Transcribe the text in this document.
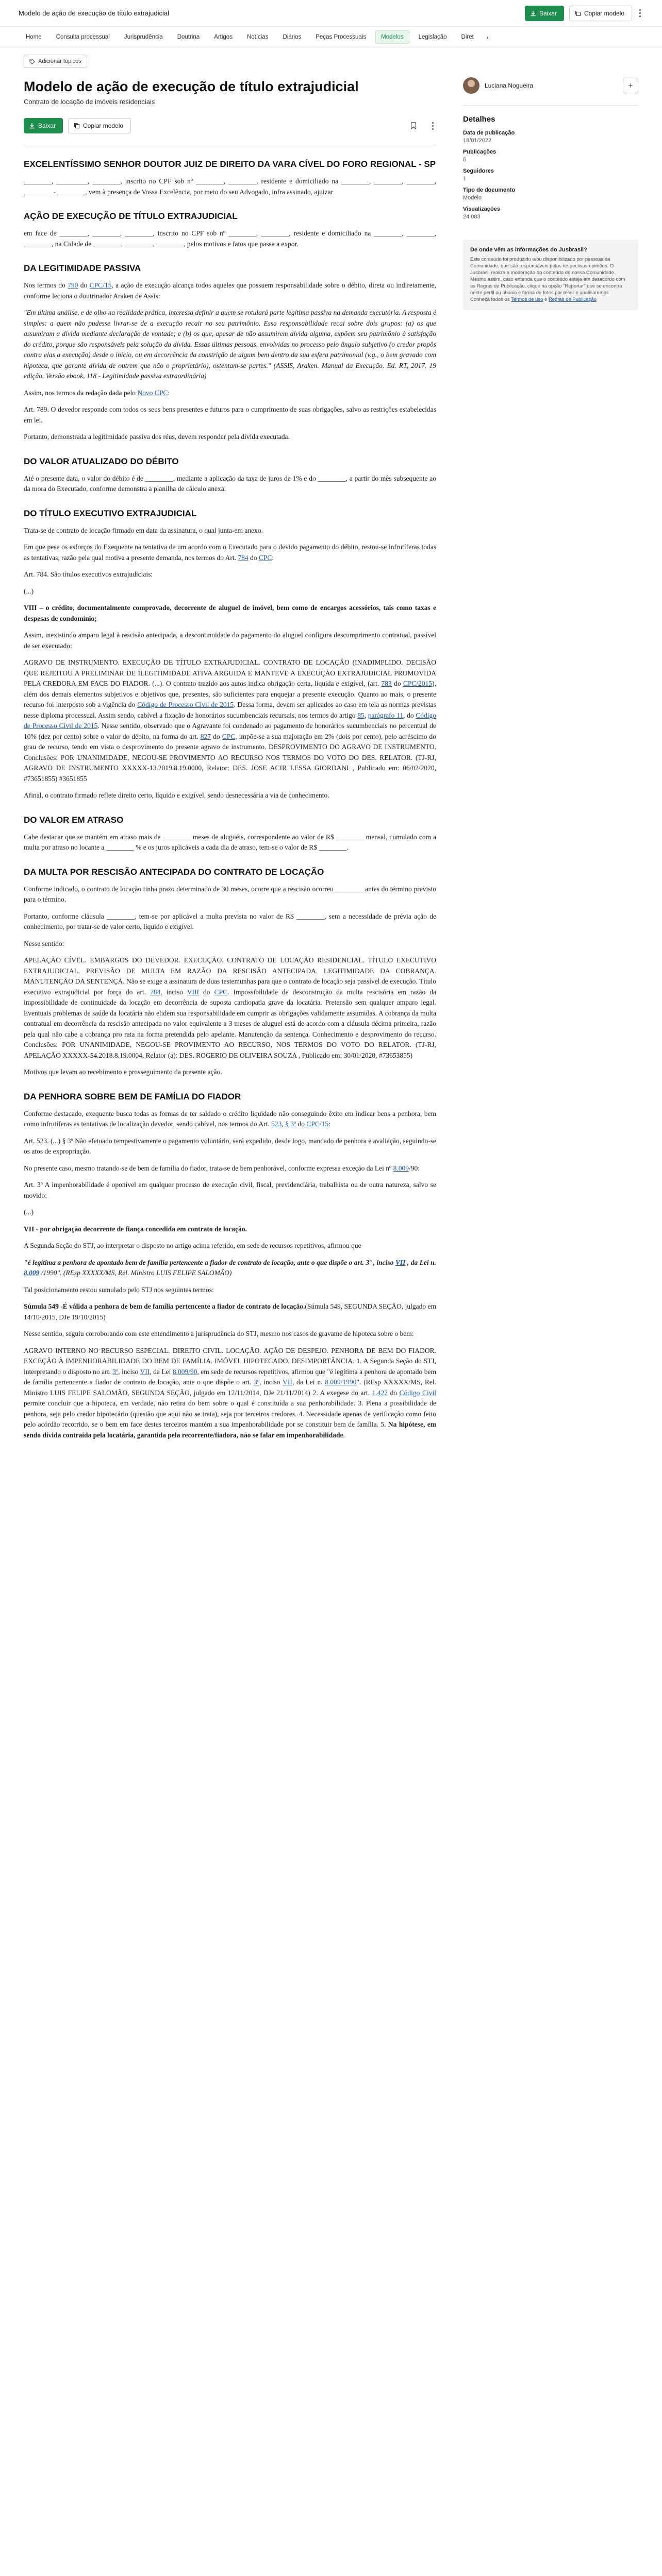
Modelo de ação de execução de título extrajudicial	Baixar	Copiar modelo
Home	Consulta processual	Jurisprudência	Doutrina	Artigos	Notícias	Diários	Peças Processuais	Modelos	Legislação	Diret	›
Adicionar tópicos
Modelo de ação de execução de título extrajudicial
Contrato de locação de imóveis residenciais
Baixar	Copiar modelo
EXCELENTÍSSIMO SENHOR DOUTOR JUIZ DE DIREITO DA VARA CÍVEL DO FORO REGIONAL - SP

________, _________, ________, inscrito no CPF sob nº ________, ________, residente e domiciliado na ________, ________, ________, ________ - ________, vem à presença de Vossa Excelência, por meio do seu Advogado, infra assinado, ajuizar

AÇÃO DE EXECUÇÃO DE TÍTULO EXTRAJUDICIAL

em face de ________, ________, ________, inscrito no CPF sob nº ________, ________, residente e domiciliado na ________, ________, ________, na Cidade de ________, ________, ________, pelos motivos e fatos que passa a expor.

DA LEGITIMIDADE PASSIVA

Nos termos do 790 do CPC/15, a ação de execução alcança todos aqueles que possuem responsabilidade sobre o débito, direta ou indiretamente, conforme leciona o doutrinador Araken de Assis:

"Em última análise, e de olho na realidade prática, interessa definir a quem se rotulará parte legítima passiva na demanda executória. A resposta é simples: a quem não pudesse livrar-se de a execução recair no seu patrimônio. Essa responsabilidade recai sobre dois grupos: (a) os que assumiram a dívida mediante declaração de vontade; e (b) os que, apesar de não assumirem dívida alguma, expõem seu patrimônio à satisfação do crédito, porque são responsáveis pela solução da dívida. Essas últimas pessoas, envolvidas no processo pelo ângulo subjetivo (o credor propôs contra elas a execução) desde o início, ou em decorrência da constrição de algum bem dentro da sua esfera patrimonial (v.g., o bem gravado com hipoteca, que garante dívida de outrem que não o proprietário), ostentam-se partes." (ASSIS, Araken. Manual da Execução. Ed. RT, 2017. 19 edição. Versão ebook, 118 - Legitimidade passiva extraordinária)

Assim, nos termos da redação dada pelo Novo CPC:

Art. 789. O devedor responde com todos os seus bens presentes e futuros para o cumprimento de suas obrigações, salvo as restrições estabelecidas em lei.

Portanto, demonstrada a legitimidade passiva dos réus, devem responder pela dívida executada.

DO VALOR ATUALIZADO DO DÉBITO

Até o presente data, o valor do débito é de ________, mediante a aplicação da taxa de juros de 1% e do ________, a partir do mês subsequente ao da mora do Executado, conforme demonstra a planilha de cálculo anexa.

DO TÍTULO EXECUTIVO EXTRAJUDICIAL

Trata-se de contrato de locação firmado em data da assinatura, o qual junta-em anexo.

Em que pese os esforços do Exequente na tentativa de um acordo com o Executado para o devido pagamento do débito, restou-se infrutíferas todas as tentativas, razão pela qual motiva a presente demanda, nos termos do Art. 784 do CPC:

Art. 784. São títulos executivos extrajudiciais:

(...)

VIII – o crédito, documentalmente comprovado, decorrente de aluguel de imóvel, bem como de encargos acessórios, tais como taxas e despesas de condomínio;

Assim, inexistindo amparo legal à rescisão antecipada, a descontinuidade do pagamento do aluguel configura descumprimento contratual, passível de ser executado:

AGRAVO DE INSTRUMENTO. EXECUÇÃO DE TÍTULO EXTRAJUDICIAL. CONTRATO DE LOCAÇÃO (INADIMPLIDO. DECISÃO QUE REJEITOU A PRELIMINAR DE ILEGITIMIDADE ATIVA ARGUIDA E MANTEVE A EXECUÇÃO EXTRAJUDICIAL PROMOVIDA PELA CREDORA EM FACE DO FIADOR. (...). O contrato trazido aos autos indica obrigação certa, líquida e exigível, (art. 783 do CPC/2015), além dos demais elementos subjetivos e objetivos que, presentes, são suficientes para enquejar a presente execução. Quanto ao mais, o presente recurso foi interposto sob a vigência do Código de Processo Civil de 2015. Dessa forma, devem ser aplicados ao caso em tela as normas previstas nesse diploma processual. Assim sendo, cabível a fixação de honorários sucumbenciais recursais, nos termos do artigo 85, parágrafo 11, do Código de Processo Civil de 2015. Nesse sentido, observado que o Agravante foi condenado ao pagamento de honorários sucumbenciais no percentual de 10% (dez por cento) sobre o valor do débito, na forma do art. 827 do CPC, impõe-se a sua majoração em 2% (dois por cento), pelo acréscimo do grau de recurso, tendo em vista o desprovimento do presente agravo de instrumento. DESPROVIMENTO DO AGRAVO DE INSTRUMENTO. Conclusões: POR UNANIMIDADE, NEGOU-SE PROVIMENTO AO RECURSO NOS TERMOS DO VOTO DO DES. RELATOR. (TJ-RJ, AGRAVO DE INSTRUMENTO XXXXX-13.2019.8.19.0000, Relator: DES. JOSE ACIR LESSA GIORDANI , Publicado em: 06/02/2020, #73651855) #3651855

Afinal, o contrato firmado reflete direito certo, líquido e exigível, sendo desnecessária a via de conhecimento.

DO VALOR EM ATRASO

Cabe destacar que se mantém em atraso mais de ________ meses de aluguéis, correspondente ao valor de R$ ________ mensal, cumulado com a multa por atraso no locante a ________ % e os juros aplicáveis a cada dia de atraso, tem-se o valor de R$ ________.

DA MULTA POR RESCISÃO ANTECIPADA DO CONTRATO DE LOCAÇÃO

Conforme indicado, o contrato de locação tinha prazo determinado de 30 meses, ocorre que a rescisão ocorreu ________ antes do término previsto para o término.

Portanto, conforme cláusula ________, tem-se por aplicável a multa prevista no valor de R$ ________, sem a necessidade de prévia ação de conhecimento, por tratar-se de valor certo, líquido e exigível.

Nesse sentido:

APELAÇÃO CÍVEL. EMBARGOS DO DEVEDOR. EXECUÇÃO. CONTRATO DE LOCAÇÃO RESIDENCIAL. TÍTULO EXECUTIVO EXTRAJUDICIAL. PREVISÃO DE MULTA EM RAZÃO DA RESCISÃO ANTECIPADA. LEGITIMIDADE DA COBRANÇA. MANUTENÇÃO DA SENTENÇA. Não se exige a assinatura de duas testemunhas para que o contrato de locação seja passível de execução. Título executivo extrajudicial por força do art. 784, inciso VIII do CPC. Impossibilidade de desconstrução da multa rescisória em razão da impossibilidade de continuidade da locação em decorrência de suposta cardiopatia grave da locatária. Pretensão sem qualquer amparo legal. Eventuais problemas de saúde da locatária não elidem sua responsabilidade em cumprir as obrigações validamente assumidas. A cobrança da multa contratual em decorrência da rescisão antecipada no valor equivalente a 3 meses de aluguel está de acordo com a cláusula décima primeira, razão pela qual não cabe a cobrança pro rata na forma pretendida pelo apelante. Manutenção da sentença. Conhecimento e desprovimento do recurso. Conclusões: POR UNANIMIDADE, NEGOU-SE PROVIMENTO AO RECURSO, NOS TERMOS DO VOTO DO RELATOR. (TJ-RJ, APELAÇÃO XXXXX-54.2018.8.19.0004, Relator (a): DES. ROGERIO DE OLIVEIRA SOUZA , Publicado em: 30/01/2020, #73653855)

Motivos que levam ao recebimento e prosseguimento da presente ação.

DA PENHORA SOBRE BEM DE FAMÍLIA DO FIADOR

Conforme destacado, exequente busca todas as formas de ter saldado o crédito liquidado não conseguindo êxito em indicar bens a penhora, bem como infrutíferas as tentativas de localização devedor, sendo cabível, nos termos do Art. 523, § 3º do CPC/15:

Art. 523. (...) § 3º Não efetuado tempestivamente o pagamento voluntário, será expedido, desde logo, mandado de penhora e avaliação, seguindo-se os atos de expropriação.

No presente caso, mesmo tratando-se de bem de família do fiador, trata-se de bem penhorável, conforme expressa exceção da Lei nº 8.009/90:

Art. 3º A impenhorabilidade é oponível em qualquer processo de execução civil, fiscal, previdenciária, trabalhista ou de outra natureza, salvo se movido:

(...)

VII - por obrigação decorrente de fiança concedida em contrato de locação.

A Segunda Seção do STJ, ao interpretar o disposto no artigo acima referido, em sede de recursos repetitivos, afirmou que

"é legítima a penhora de apontado bem de família pertencente a fiador de contrato de locação, ante o que dispõe o art. 3º , inciso VII , da Lei n. 8.009 /1990". (REsp XXXXX/MS, Rel. Ministro LUIS FELIPE SALOMÃO)

Tal posicionamento restou sumulado pelo STJ nos seguintes termos:

Súmula 549 -É válida a penhora de bem de família pertencente a fiador de contrato de locação.(Súmula 549, SEGUNDA SEÇÃO, julgado em 14/10/2015, DJe 19/10/2015)

Nesse sentido, seguiu corroborando com este entendimento a jurisprudência do STJ, mesmo nos casos de gravame de hipoteca sobre o bem:

AGRAVO INTERNO NO RECURSO ESPECIAL. DIREITO CIVIL. LOCAÇÃO. AÇÃO DE DESPEJO. PENHORA DE BEM DO FIADOR. EXCEÇÃO À IMPENHORABILIDADE DO BEM DE FAMÍLIA. IMÓVEL HIPOTECADO. DESIMPORTÂNCIA. 1. A Segunda Seção do STJ, interpretando o disposto no art. 3º, inciso VII, da Lei 8.009/90, em sede de recursos repetitivos, afirmou que "é legítima a penhora de apontado bem de família pertencente a fiador de contrato de locação, ante o que dispõe o art. 3º, inciso VII, da Lei n. 8.009/1990". (REsp XXXXX/MS, Rel. Ministro LUIS FELIPE SALOMÃO, SEGUNDA SEÇÃO, julgado em 12/11/2014, DJe 21/11/2014) 2. A exegese do art. 1.422 do Código Civil permite concluir que a hipoteca, em verdade, não retira do bem sobre o qual é constituída a sua penhorabilidade. 3. Plena a possibilidade de penhora, seja pelo credor hipotecário (questão que aqui não se trata), seja por terceiros credores. 4. Necessidade apenas de verificação como feito pelo acórdão recorrido, se o bem em face destes terceiros mantém a sua impenhorabilidade por se constituir bem de família. 5. Na hipótese, em sendo dívida contraída pela locatária, garantida pela recorrente/fiadora, não se falar em impenhorabilidade.

Luciana Nogueira	+
Detalhes
Data de publicação
18/01/2022
Publicações
6
Seguidores
1
Tipo de documento
Modelo
Visualizações
24.083
De onde vêm as informações do Jusbrasil?
Este conteúdo foi produzido e/ou disponibilizado por pessoas da Comunidade, que são responsáveis pelas respectivas opiniões. O Jusbrasil realiza a moderação do conteúdo de nossa Comunidade. Mesmo assim, caso entenda que o conteúdo esteja em desacordo com as Regras de Publicação, clique na opção "Reportar" que se encontra neste perfil ou abaixo e forma de fotos por tecer e analisaremos. Conheça todos os Termos de uso e Regras de Publicação
